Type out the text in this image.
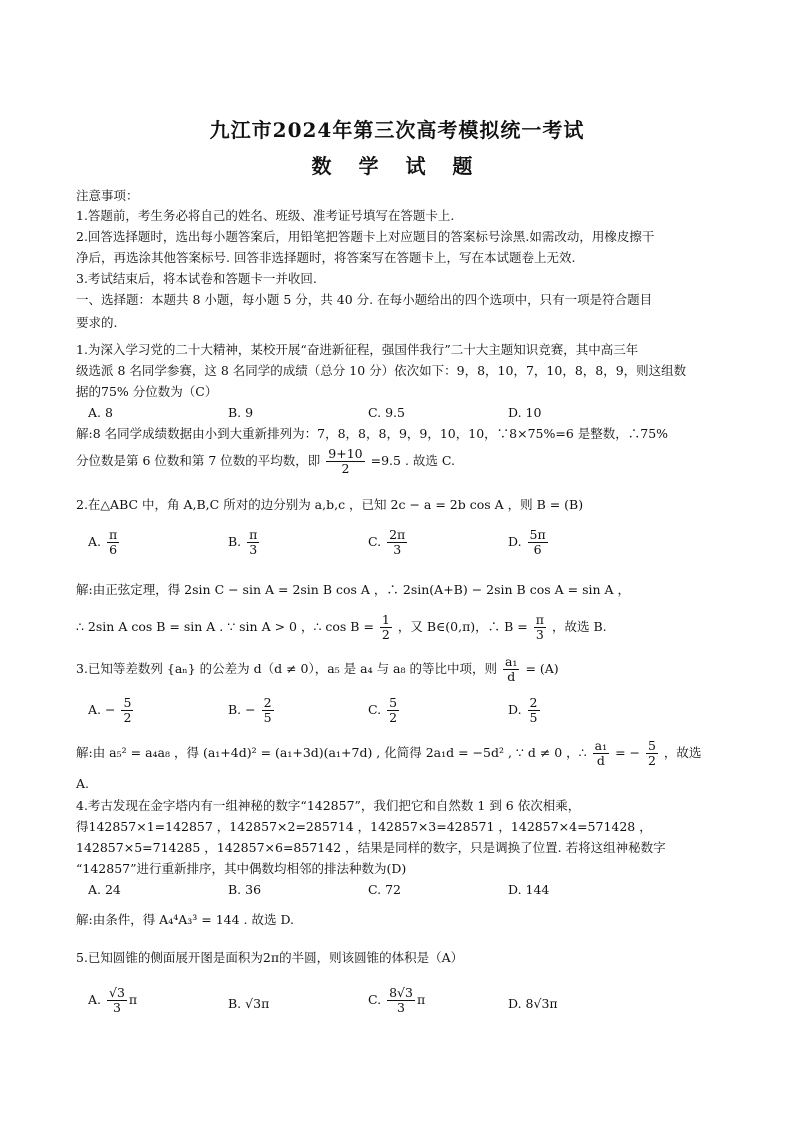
九江市2024年第三次高考模拟统一考试
数 学 试 题
注意事项：
1.答题前，考生务必将自己的姓名、班级、准考证号填写在答题卡上.
2.回答选择题时，选出每小题答案后，用铅笔把答题卡上对应题目的答案标号涂黑.如需改动，用橡皮擦干
净后，再选涂其他答案标号. 回答非选择题时，将答案写在答题卡上，写在本试题卷上无效.
3.考试结束后，将本试卷和答题卡一并收回.
一、选择题：本题共 8 小题，每小题 5 分，共 40 分. 在每小题给出的四个选项中，只有一项是符合题目
要求的.
1.为深入学习党的二十大精神，某校开展“奋进新征程，强国伴我行”二十大主题知识竞赛，其中高三年
级选派 8 名同学参赛，这 8 名同学的成绩（总分 10 分）依次如下：9，8，10，7，10，8，8，9，则这组数
据的75% 分位数为（C）
A. 8	B. 9	C. 9.5	D. 10
解:8 名同学成绩数据由小到大重新排列为：7，8，8，8，9，9，10，10，∵8×75%=6 是整数，∴75%
分位数是第 6 位数和第 7 位数的平均数，即 $\frac{9+10}{2} =9.5$ . 故选 C.
2.在△ABC 中，角 A,B,C 所对的边分别为 a,b,c ，已知 2c − a = 2b cos A ，则 B = (B)
A. $\frac{\pi}{6}$	B. $\frac{\pi}{3}$	C. $\frac{2\pi}{3}$	D. $\frac{5\pi}{6}$
解:由正弦定理，得 2sin C − sin A = 2sin B cos A ，∴ 2sin(A+B) − 2sin B cos A = sin A ，
∴ 2sin A cos B = sin A . ∵ sin A > 0 ，∴ $\cos B = \frac{1}{2}$ ，又 B∈(0,π)，∴ $B = \frac{\pi}{3}$ ，故选 B.
3.已知等差数列 {aₙ} 的公差为 d（d ≠ 0），a₅ 是 a₄ 与 a₈ 的等比中项，则 $\frac{\text{a₁}}{d} = (A)$
A. − $\frac{5}{2}$	B. − $\frac{2}{5}$	C. $\frac{5}{2}$	D. $\frac{2}{5}$
解:由 a₅² = a₄a₈ ，得 (a₁+4d)² = (a₁+3d)(a₁+7d) , 化简得 2a₁d = −5d² , ∵ d ≠ 0 ，∴ $\frac{\text{a₁}}{d}$ = − $\frac{5}{2}$ ，故选
A.
4.考古发现在金字塔内有一组神秘的数字“142857”，我们把它和自然数 1 到 6 依次相乘，
得142857×1=142857 ，142857×2=285714 ，142857×3=428571 ，142857×4=571428 ，
142857×5=714285 ，142857×6=857142 ，结果是同样的数字，只是调换了位置. 若将这组神秘数字
“142857”进行重新排序，其中偶数均相邻的排法种数为(D)
A. 24	B. 36	C. 72	D. 144
解:由条件，得 A₄⁴A₃³ = 144 . 故选 D.
5.已知圆锥的侧面展开图是面积为2π的半圆，则该圆锥的体积是（A）
A. $\frac{√3}{3}$ π	B. √3π	C. $\frac{8√3}{3}$ π	D. 8√3π
